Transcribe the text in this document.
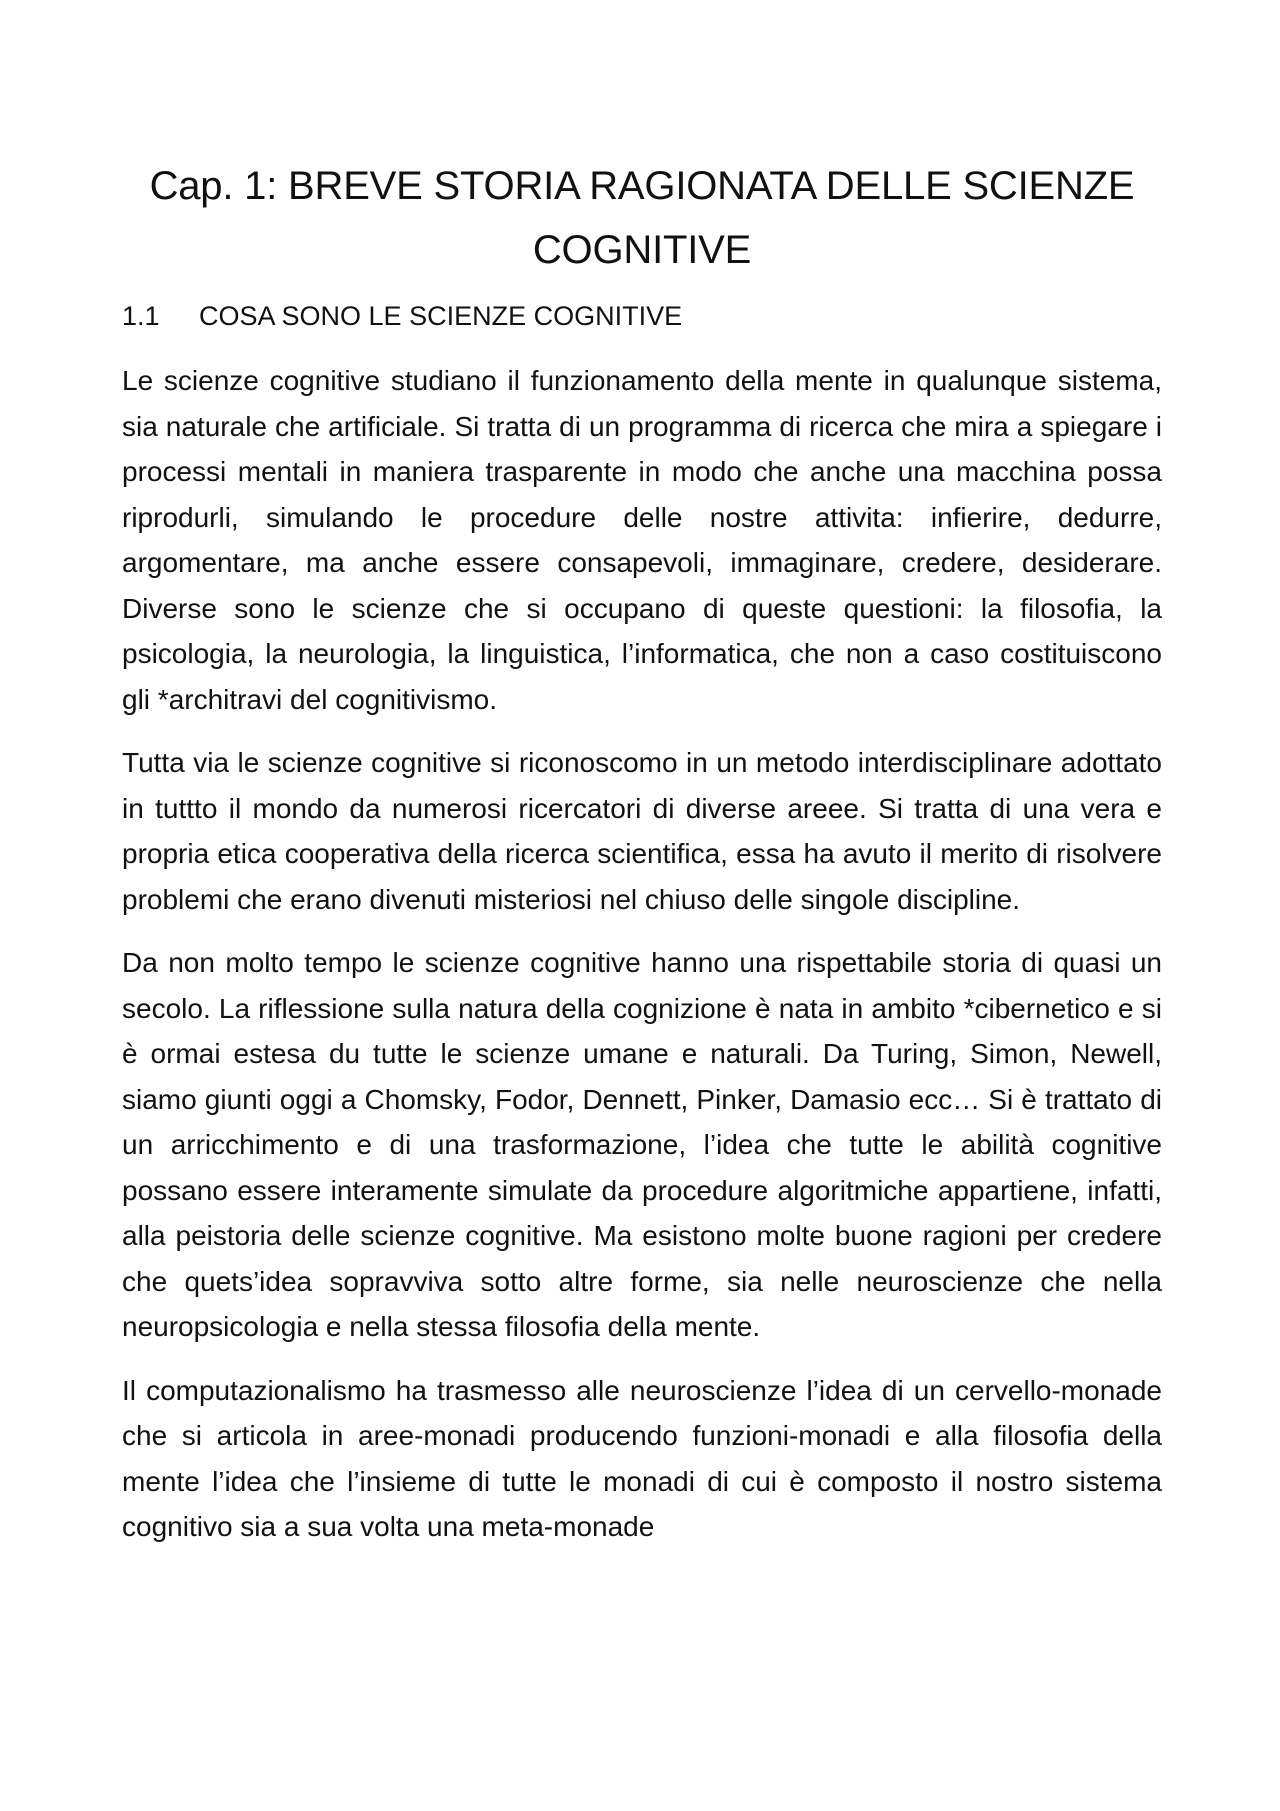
Cap. 1: BREVE STORIA RAGIONATA DELLE SCIENZE COGNITIVE
1.1 COSA SONO LE SCIENZE COGNITIVE

Le scienze cognitive studiano il funzionamento della mente in qualunque sistema, sia naturale che artificiale. Si tratta di un programma di ricerca che mira a spiegare i processi mentali in maniera trasparente in modo che anche una macchina possa riprodurli, simulando le procedure delle nostre attivita: infierire, dedurre, argomentare, ma anche essere consapevoli, immaginare, credere, desiderare. Diverse sono le scienze che si occupano di queste questioni: la filosofia, la psicologia, la neurologia, la linguistica, l’informatica, che non a caso costituiscono gli *architravi del cognitivismo.

Tutta via le scienze cognitive si riconoscomo in un metodo interdisciplinare adottato in tuttto il mondo da numerosi ricercatori di diverse areee. Si tratta di una vera e propria etica cooperativa della ricerca scientifica, essa ha avuto il merito di risolvere problemi che erano divenuti misteriosi nel chiuso delle singole discipline.

Da non molto tempo le scienze cognitive hanno una rispettabile storia di quasi un secolo. La riflessione sulla natura della cognizione è nata in ambito *cibernetico e si è ormai estesa du tutte le scienze umane e naturali. Da Turing, Simon, Newell, siamo giunti oggi a Chomsky, Fodor, Dennett, Pinker, Damasio ecc… Si è trattato di un arricchimento e di una trasformazione, l’idea che tutte le abilità cognitive possano essere interamente simulate da procedure algoritmiche appartiene, infatti, alla peistoria delle scienze cognitive. Ma esistono molte buone ragioni per credere che quets’idea sopravviva sotto altre forme, sia nelle neuroscienze che nella neuropsicologia e nella stessa filosofia della mente.

Il computazionalismo ha trasmesso alle neuroscienze l’idea di un cervello-monade che si articola in aree-monadi producendo funzioni-monadi e alla filosofia della mente l’idea che l’insieme di tutte le monadi di cui è composto il nostro sistema cognitivo sia a sua volta una meta-monade
